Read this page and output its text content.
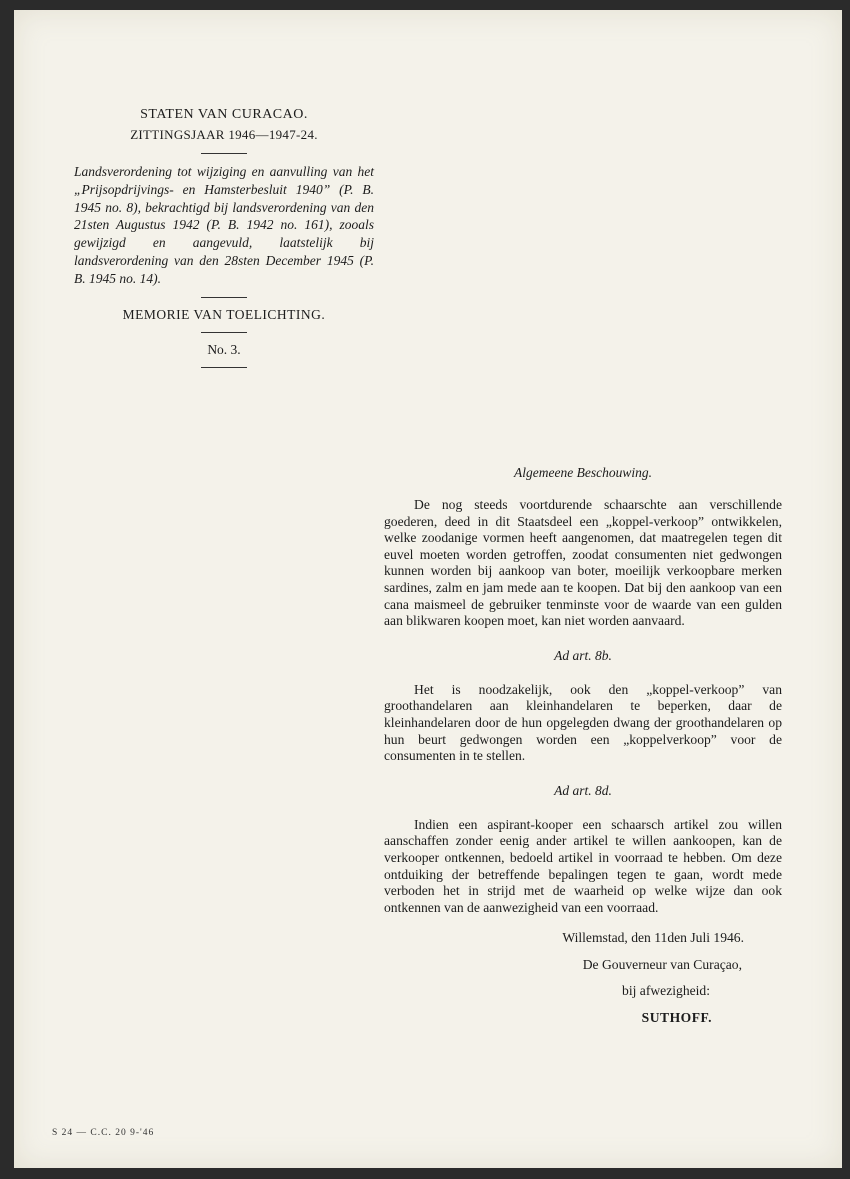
STATEN VAN CURACAO.
ZITTINGSJAAR 1946—1947-24.
Landsverordening tot wijziging en aanvulling van het „Prijsopdrijvings- en Hamsterbesluit 1940” (P. B. 1945 no. 8), bekrachtigd bij landsverordening van den 21sten Augustus 1942 (P. B. 1942 no. 161), zooals gewijzigd en aangevuld, laatstelijk bij landsverordening van den 28sten December 1945 (P. B. 1945 no. 14).
MEMORIE VAN TOELICHTING.
No. 3.

Algemeene Beschouwing.

De nog steeds voortdurende schaarschte aan verschillende goederen, deed in dit Staatsdeel een „koppel-verkoop” ontwikkelen, welke zoodanige vormen heeft aangenomen, dat maatregelen tegen dit euvel moeten worden getroffen, zoodat consumenten niet gedwongen kunnen worden bij aankoop van boter, moeilijk verkoopbare merken sardines, zalm en jam mede aan te koopen. Dat bij den aankoop van een cana maismeel de gebruiker tenminste voor de waarde van een gulden aan blikwaren koopen moet, kan niet worden aanvaard.

Ad art. 8b.

Het is noodzakelijk, ook den „koppel-verkoop” van groothandelaren aan kleinhandelaren te beperken, daar de kleinhandelaren door de hun opgelegden dwang der groothandelaren op hun beurt gedwongen worden een „koppelverkoop” voor de consumenten in te stellen.

Ad art. 8d.

Indien een aspirant-kooper een schaarsch artikel zou willen aanschaffen zonder eenig ander artikel te willen aankoopen, kan de verkooper ontkennen, bedoeld artikel in voorraad te hebben. Om deze ontduiking der betreffende bepalingen tegen te gaan, wordt mede verboden het in strijd met de waarheid op welke wijze dan ook ontkennen van de aanwezigheid van een voorraad.

Willemstad, den 11den Juli 1946.
De Gouverneur van Curaçao,
bij afwezigheid:
SUTHOFF.
S 24 — C.C. 20 9-'46
